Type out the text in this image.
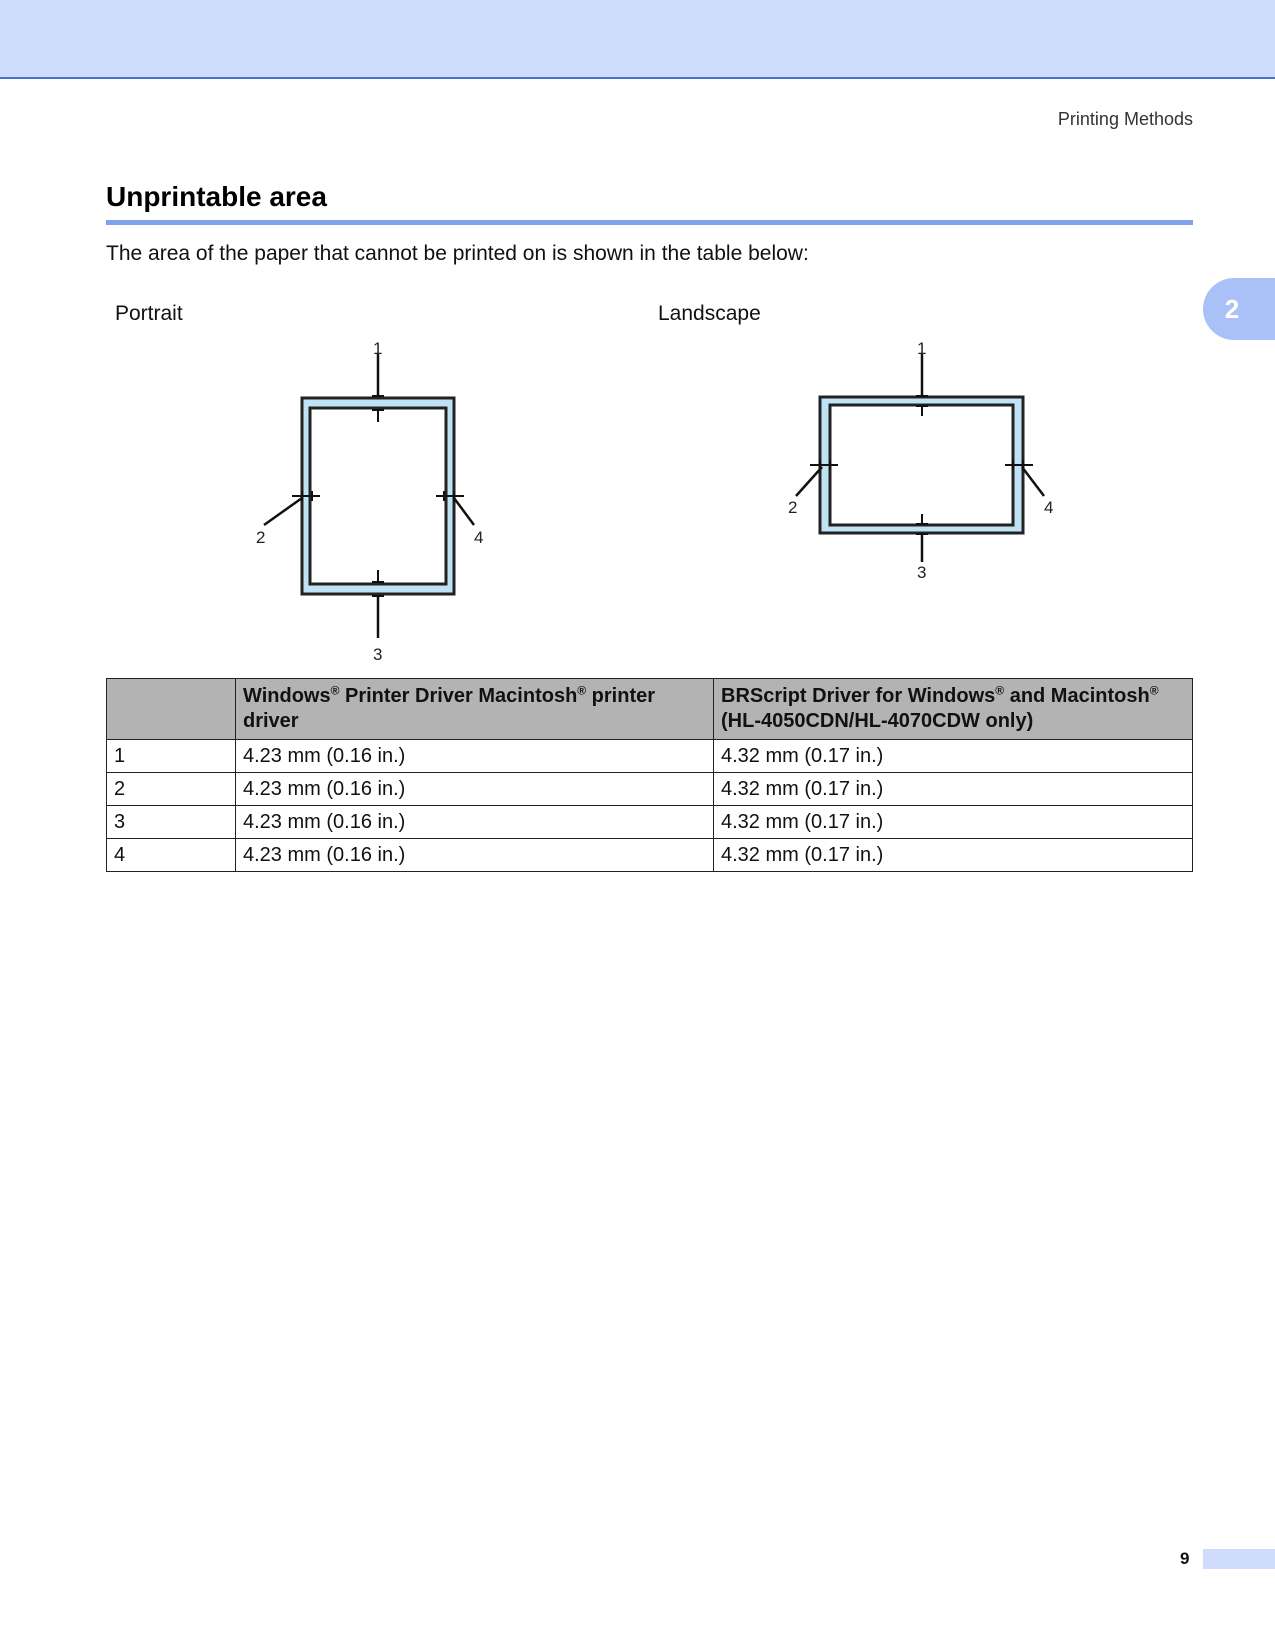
Printing Methods
2
Unprintable area

The area of the paper that cannot be printed on is shown in the table below:

Portrait	Landscape
1
3
2	4
1
3
2	4
	Windows® Printer Driver Macintosh® printer driver	BRScript Driver for Windows® and Macintosh® (HL-4050CDN/HL-4070CDW only)
1	4.23 mm (0.16 in.)	4.32 mm (0.17 in.)
2	4.23 mm (0.16 in.)	4.32 mm (0.17 in.)
3	4.23 mm (0.16 in.)	4.32 mm (0.17 in.)
4	4.23 mm (0.16 in.)	4.32 mm (0.17 in.)
9
